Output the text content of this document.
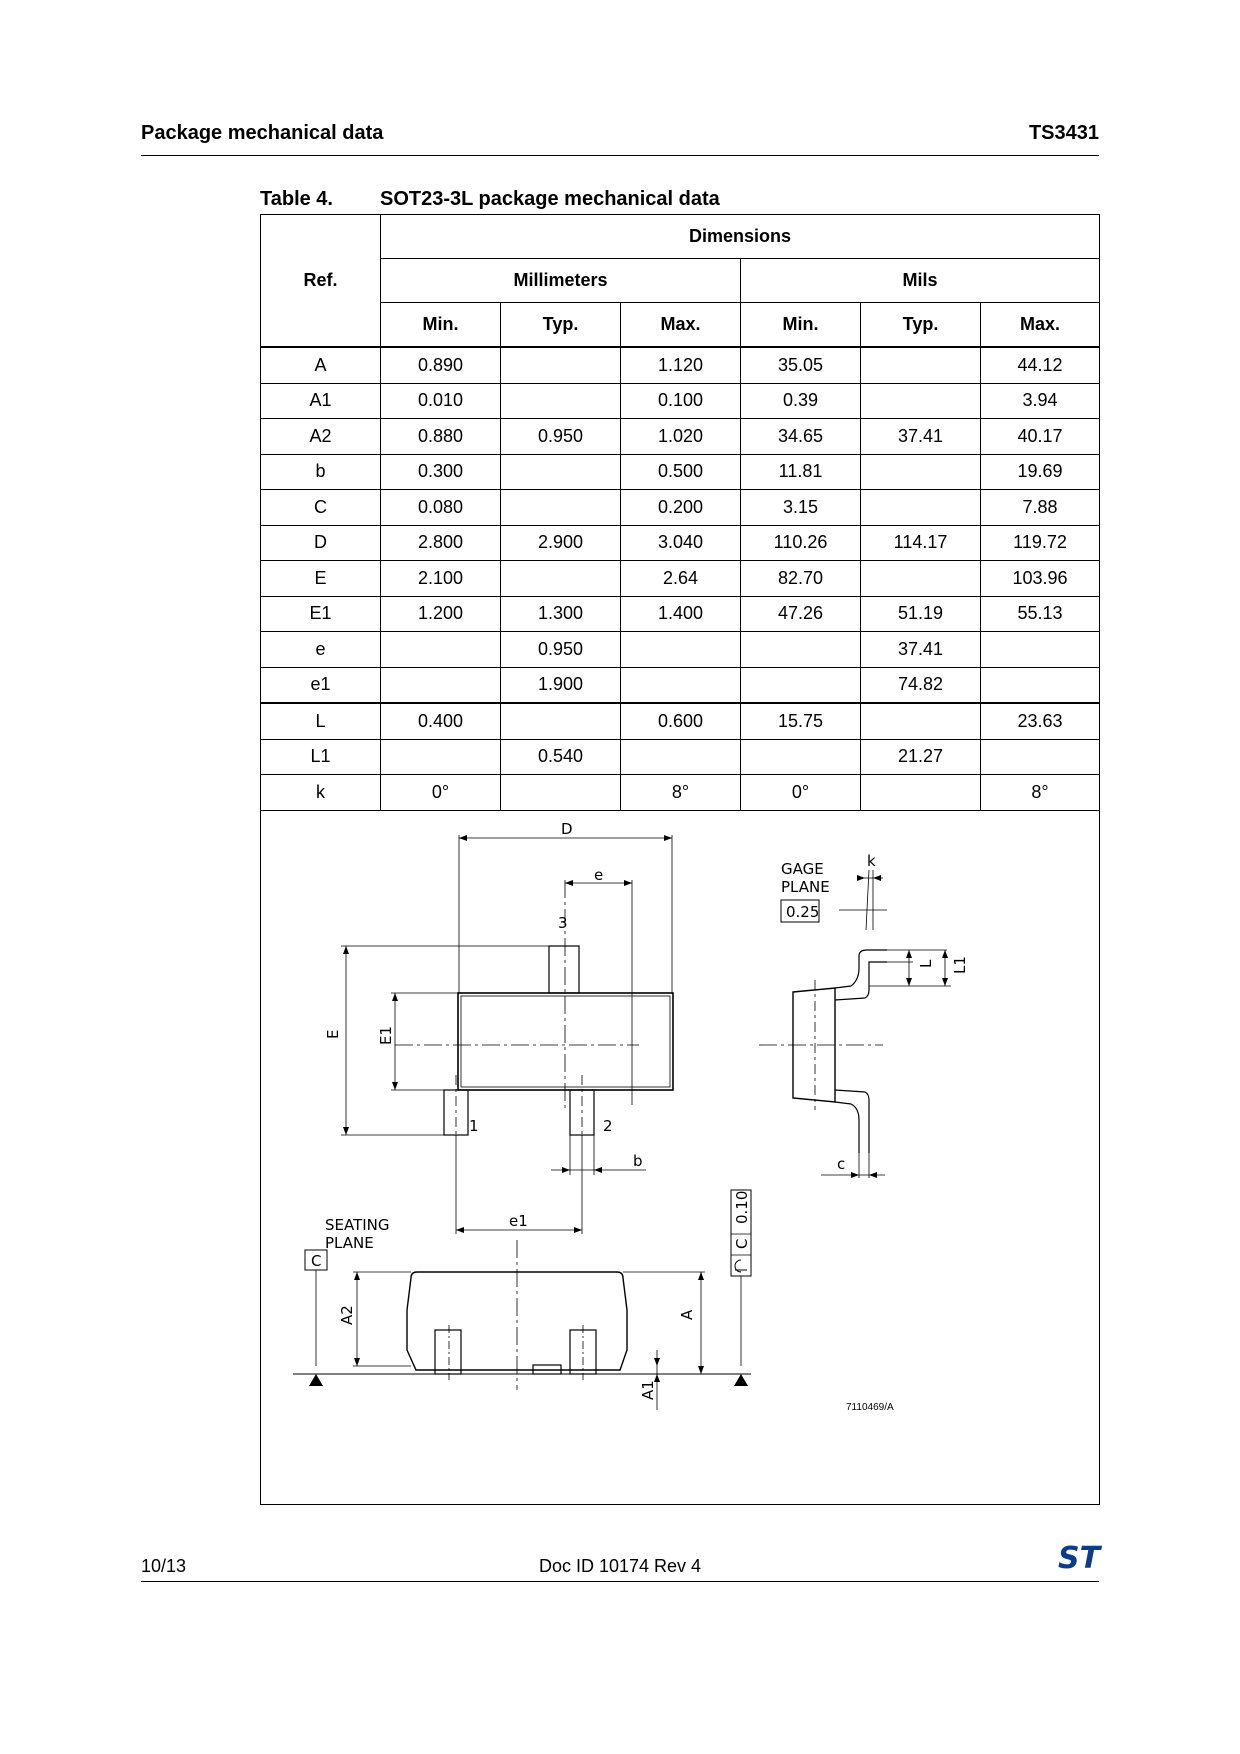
Package mechanical data	TS3431
Table 4. SOT23-3L package mechanical data
Ref.	Dimensions					
	Millimeters			Mils		
	Min.	Typ.	Max.	Min.	Typ.	Max.
A	0.890		1.120	35.05		44.12
A1	0.010		0.100	0.39		3.94
A2	0.880	0.950	1.020	34.65	37.41	40.17
b	0.300		0.500	11.81		19.69
C	0.080		0.200	3.15		7.88
D	2.800	2.900	3.040	110.26	114.17	119.72
E	2.100		2.64	82.70		103.96
E1	1.200	1.300	1.400	47.26	51.19	55.13
e		0.950			37.41	
e1		1.900			74.82	
L	0.400		0.600	15.75		23.63
L1		0.540			21.27	
k	0°		8°	0°		8°
D
e
3
E E1
1	2
b
e1
k
GAGE
PLANE
0.25
L L1
c
SEATING
PLANE
C
A2	A
A1
0.10
C
7110469/A
10/13	Doc ID 10174 Rev 4	ST
